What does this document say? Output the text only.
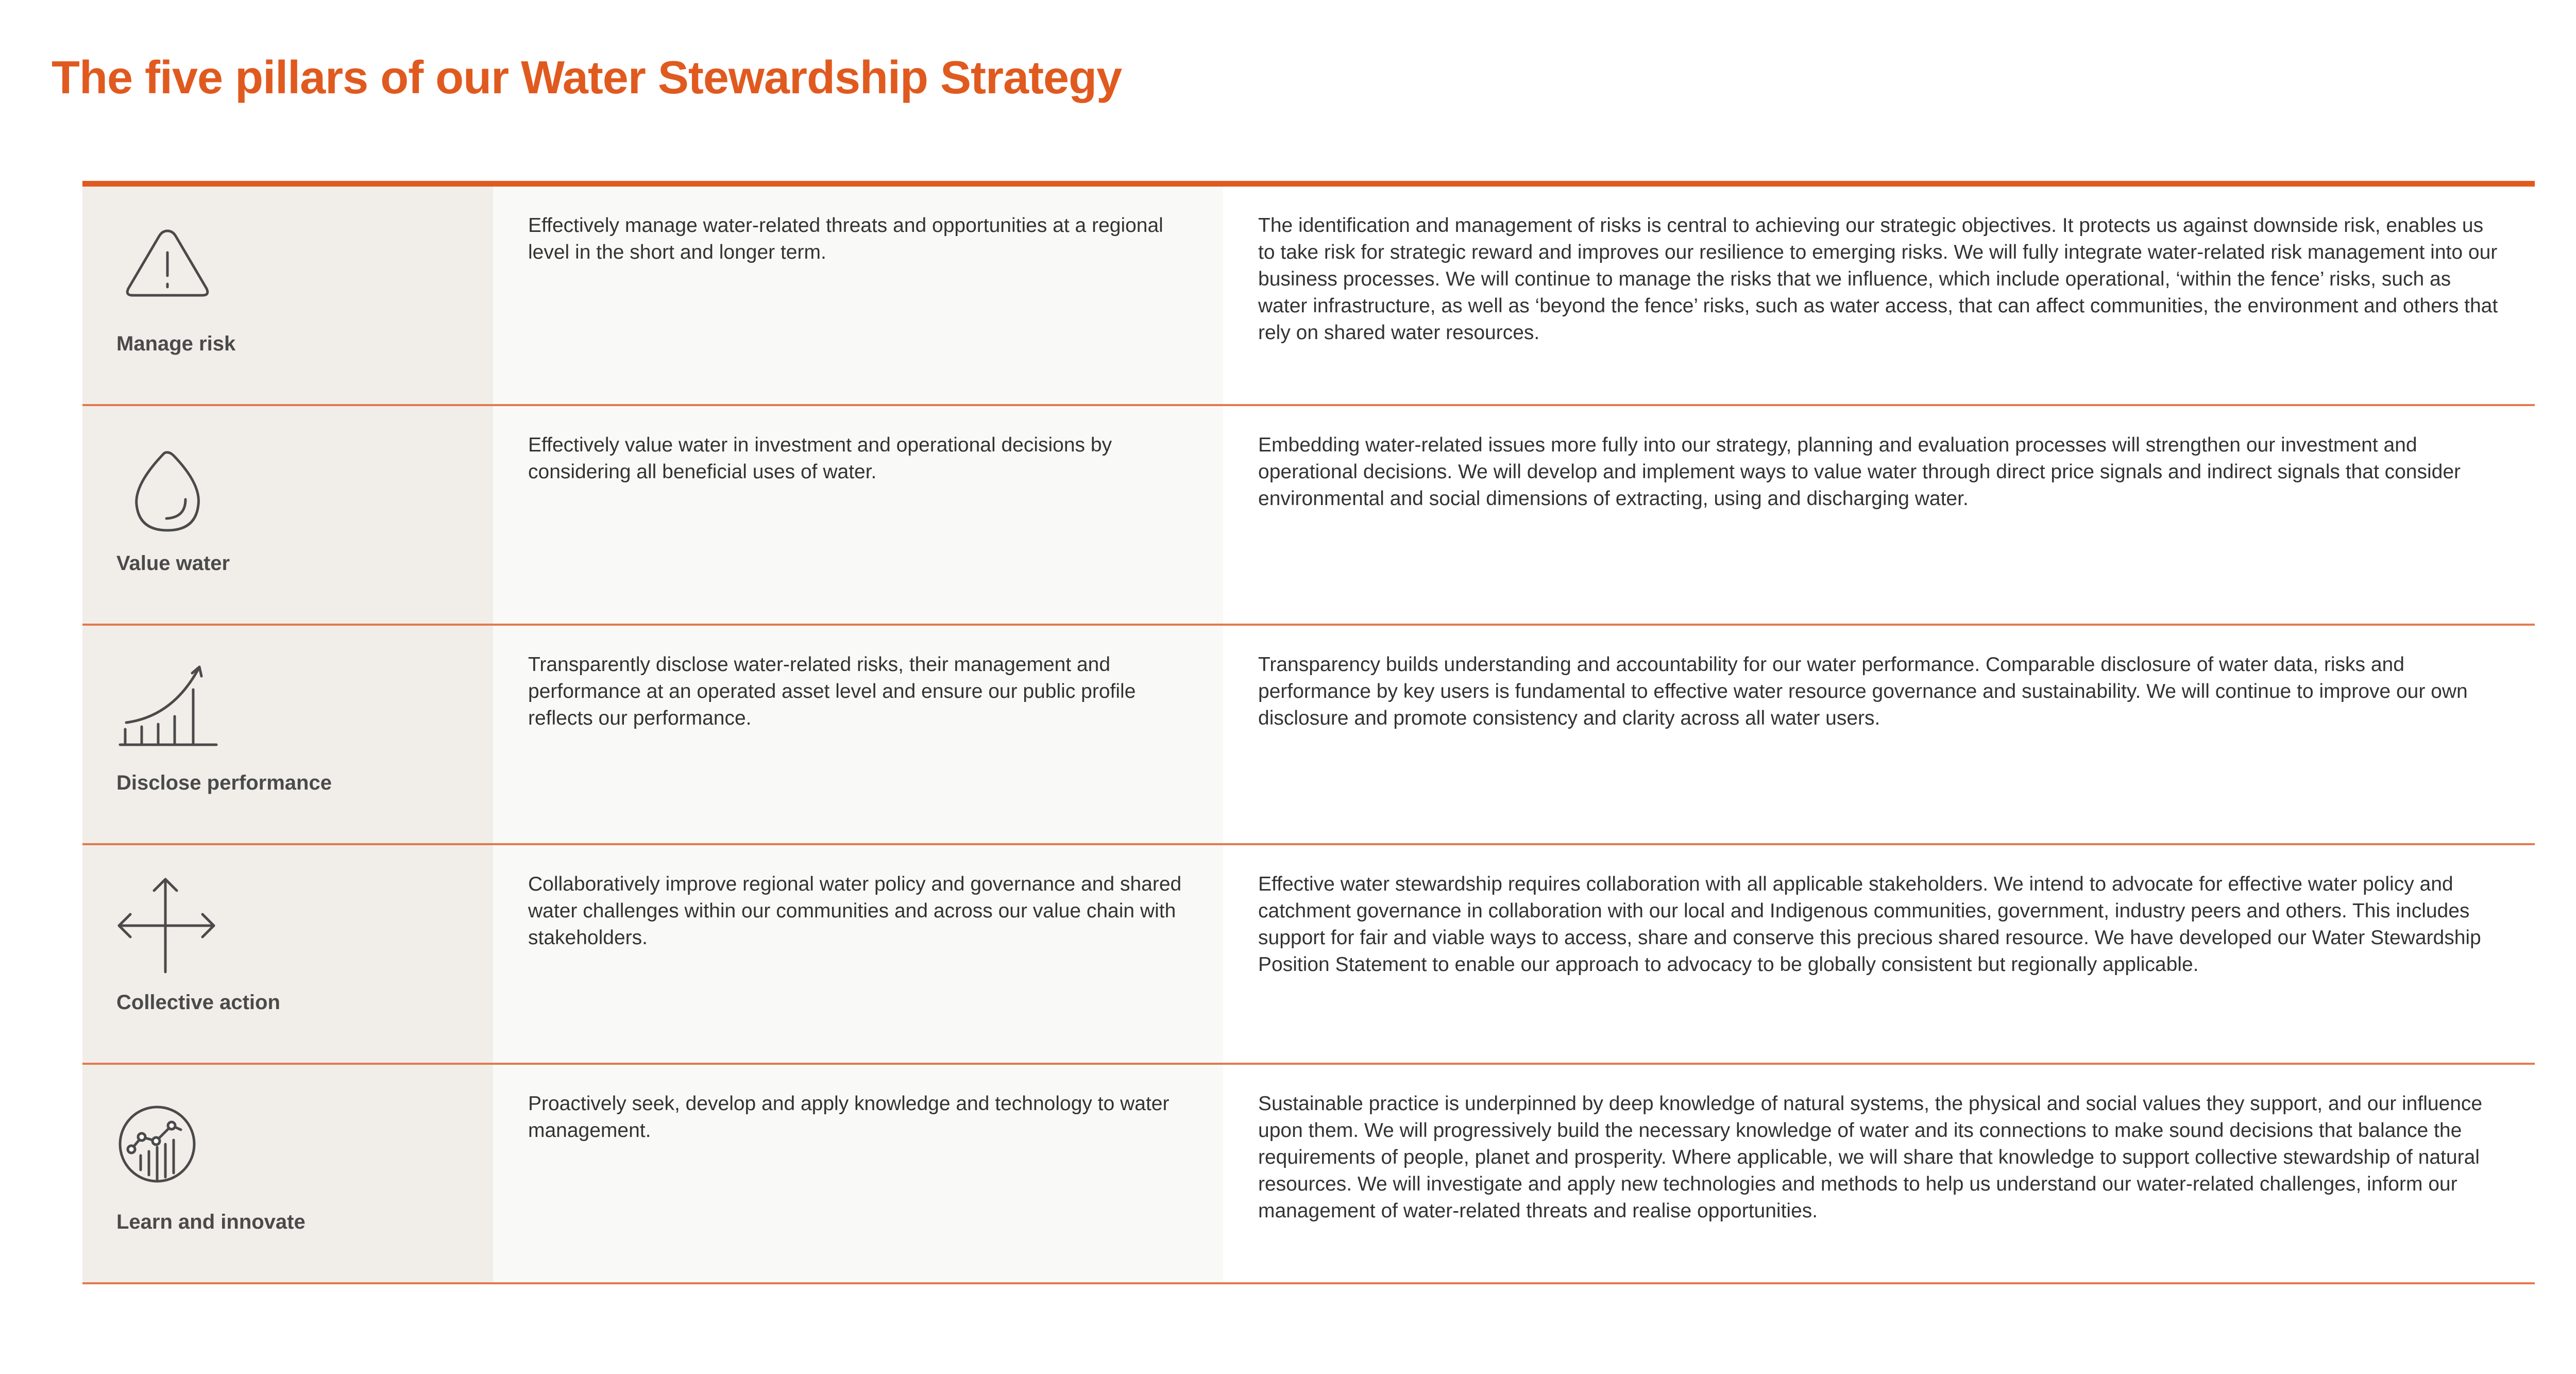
The five pillars of our Water Stewardship Strategy
Manage risk

Effectively manage water-related threats and opportunities at a regional level in the short and longer term.

The identification and management of risks is central to achieving our strategic objectives. It protects us against downside risk, enables us to take risk for strategic reward and improves our resilience to emerging risks. We will fully integrate water-related risk management into our business processes. We will continue to manage the risks that we influence, which include operational, ‘within the fence’ risks, such as water infrastructure, as well as ‘beyond the fence’ risks, such as water access, that can affect communities, the environment and others that rely on shared water resources.

Value water

Effectively value water in investment and operational decisions by considering all beneficial uses of water.

Embedding water-related issues more fully into our strategy, planning and evaluation processes will strengthen our investment and operational decisions. We will develop and implement ways to value water through direct price signals and indirect signals that consider environmental and social dimensions of extracting, using and discharging water.

Disclose performance

Transparently disclose water-related risks, their management and performance at an operated asset level and ensure our public profile reflects our performance.

Transparency builds understanding and accountability for our water performance. Comparable disclosure of water data, risks and performance by key users is fundamental to effective water resource governance and sustainability. We will continue to improve our own disclosure and promote consistency and clarity across all water users.

Collective action

Collaboratively improve regional water policy and governance and shared water challenges within our communities and across our value chain with stakeholders.

Effective water stewardship requires collaboration with all applicable stakeholders. We intend to advocate for effective water policy and catchment governance in collaboration with our local and Indigenous communities, government, industry peers and others. This includes support for fair and viable ways to access, share and conserve this precious shared resource. We have developed our Water Stewardship Position Statement to enable our approach to advocacy to be globally consistent but regionally applicable.

Learn and innovate

Proactively seek, develop and apply knowledge and technology to water management.

Sustainable practice is underpinned by deep knowledge of natural systems, the physical and social values they support, and our influence upon them. We will progressively build the necessary knowledge of water and its connections to make sound decisions that balance the requirements of people, planet and prosperity. Where applicable, we will share that knowledge to support collective stewardship of natural resources. We will investigate and apply new technologies and methods to help us understand our water-related challenges, inform our management of water-related threats and realise opportunities.
